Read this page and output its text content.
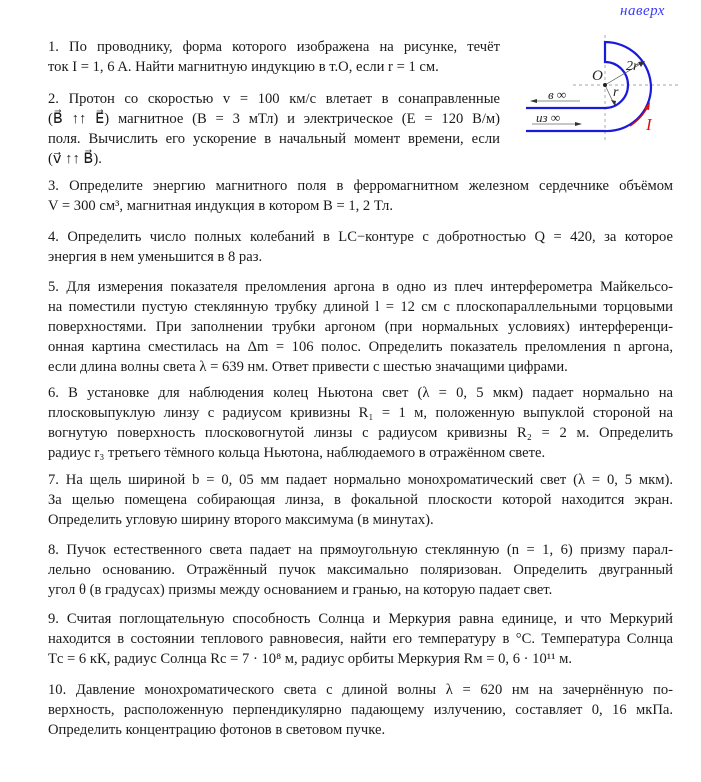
наверх
O
r
2r
в ∞
из ∞	I
1. По проводнику, форма которого изображена на рисунке, течёт
ток I = 1, 6 A. Найти магнитную индукцию в т.О, если r = 1 см.
2. Протон со скоростью v = 100 км/с влетает в сонаправленные
(B⃗ ↑↑ E⃗) магнитное (B = 3 мТл) и электрическое (E = 120 В/м)
поля. Вычислить его ускорение в начальный момент времени, если
(v⃗ ↑↑ B⃗).
3. Определите энергию магнитного поля в ферромагнитном железном сердечнике объёмом
V = 300 см³, магнитная индукция в котором B = 1, 2 Тл.
4. Определить число полных колебаний в LC−контуре с добротностью Q = 420, за которое
энергия в нем уменьшится в 8 раз.
5. Для измерения показателя преломления аргона в одно из плеч интерферометра Майкельсо-
на поместили пустую стеклянную трубку длиной l = 12 см с плоскопараллельными торцовыми
поверхностями. При заполнении трубки аргоном (при нормальных условиях) интерференци-
онная картина сместилась на Δm = 106 полос. Определить показатель преломления n аргона,
если длина волны света λ = 639 нм. Ответ привести с шестью значащими цифрами.
6. В установке для наблюдения колец Ньютона свет (λ = 0, 5 мкм) падает нормально на
плосковыпуклую линзу с радиусом кривизны R₁ = 1 м, положенную выпуклой стороной на
вогнутую поверхность плосковогнутой линзы с радиусом кривизны R₂ = 2 м. Определить
радиус r₃ третьего тёмного кольца Ньютона, наблюдаемого в отражённом свете.
7. На щель шириной b = 0, 05 мм падает нормально монохроматический свет (λ = 0, 5 мкм).
За щелью помещена собирающая линза, в фокальной плоскости которой находится экран.
Определить угловую ширину второго максимума (в минутах).
8. Пучок естественного света падает на прямоугольную стеклянную (n = 1, 6) призму парал-
лельно основанию. Отражённый пучок максимально поляризован. Определить двугранный
угол θ (в градусах) призмы между основанием и гранью, на которую падает свет.
9. Считая поглощательную способность Солнца и Меркурия равна единице, и что Меркурий
находится в состоянии теплового равновесия, найти его температуру в °C. Температура Солнца
Tс = 6 кК, радиус Солнца Rс = 7 · 10⁸ м, радиус орбиты Меркурия Rм = 0, 6 · 10¹¹ м.
10. Давление монохроматического света с длиной волны λ = 620 нм на зачернённую по-
верхность, расположенную перпендикулярно падающему излучению, составляет 0, 16 мкПа.
Определить концентрацию фотонов в световом пучке.
